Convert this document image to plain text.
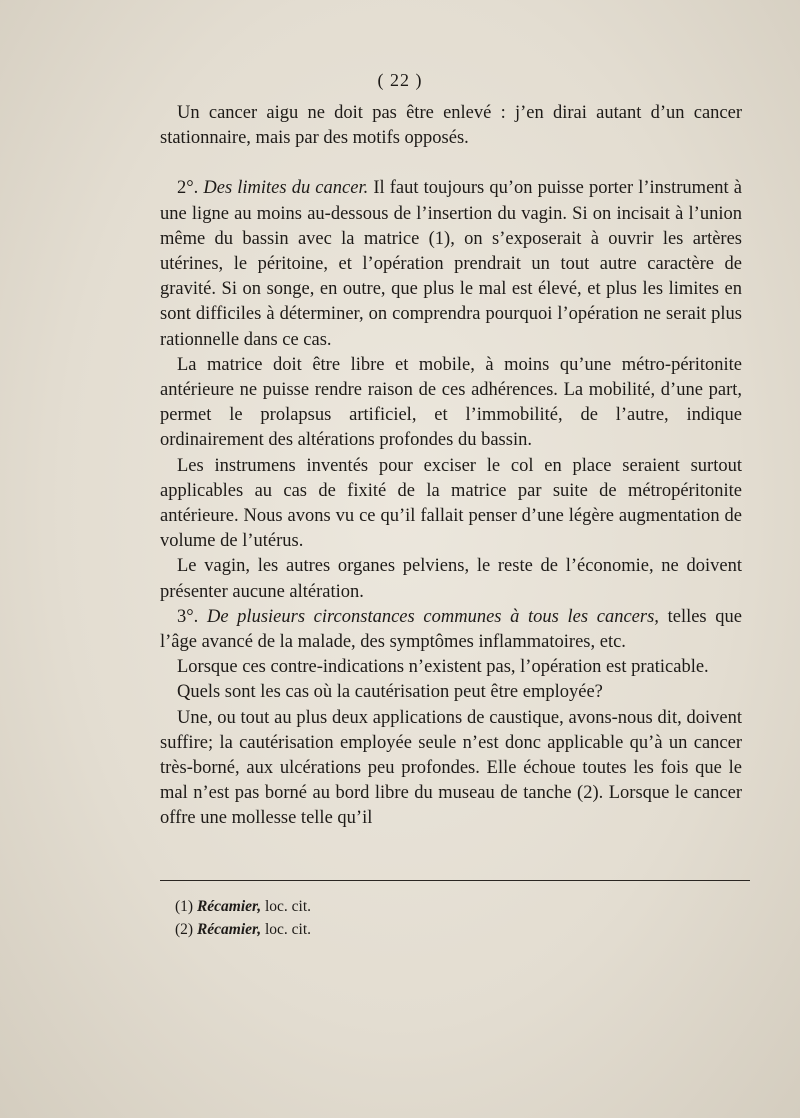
( 22 )

Un cancer aigu ne doit pas être enlevé : j’en dirai autant d’un cancer stationnaire, mais par des motifs opposés.

2°. Des limites du cancer. Il faut toujours qu’on puisse porter l’instrument à une ligne au moins au-dessous de l’insertion du vagin. Si on incisait à l’union même du bassin avec la matrice (1), on s’exposerait à ouvrir les artères utérines, le péritoine, et l’opération prendrait un tout autre caractère de gravité. Si on songe, en outre, que plus le mal est élevé, et plus les limites en sont difficiles à déterminer, on comprendra pourquoi l’opération ne serait plus rationnelle dans ce cas.

La matrice doit être libre et mobile, à moins qu’une métro-péritonite antérieure ne puisse rendre raison de ces adhérences. La mobilité, d’une part, permet le prolapsus artificiel, et l’immobilité, de l’autre, indique ordinairement des altérations profondes du bassin.

Les instrumens inventés pour exciser le col en place seraient surtout applicables au cas de fixité de la matrice par suite de métropéritonite antérieure. Nous avons vu ce qu’il fallait penser d’une légère augmentation de volume de l’utérus.

Le vagin, les autres organes pelviens, le reste de l’économie, ne doivent présenter aucune altération.

3°. De plusieurs circonstances communes à tous les cancers, telles que l’âge avancé de la malade, des symptômes inflammatoires, etc.

Lorsque ces contre-indications n’existent pas, l’opération est praticable.

Quels sont les cas où la cautérisation peut être employée?

Une, ou tout au plus deux applications de caustique, avons-nous dit, doivent suffire; la cautérisation employée seule n’est donc applicable qu’à un cancer très-borné, aux ulcérations peu profondes. Elle échoue toutes les fois que le mal n’est pas borné au bord libre du museau de tanche (2). Lorsque le cancer offre une mollesse telle qu’il

(1) Récamier, loc. cit.
(2) Récamier, loc. cit.
